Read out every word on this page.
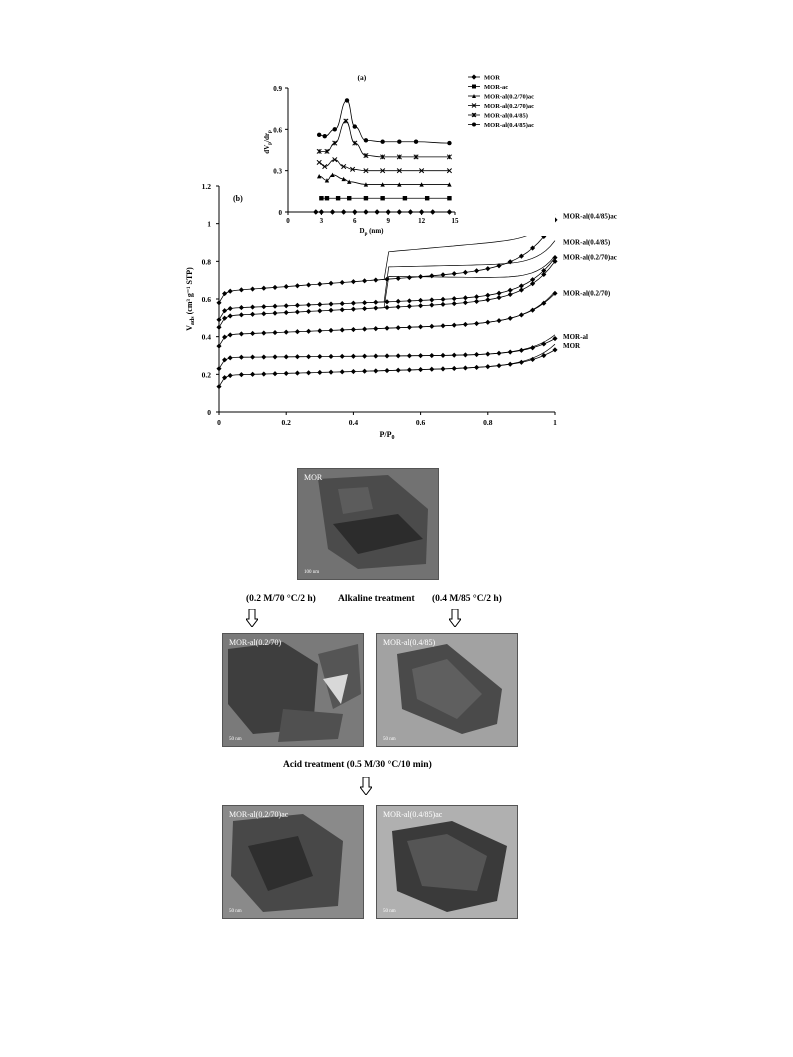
0
0.2
0.4
0.6
0.8
1
1.2
0	0.2	0.4	0.6	0.8	1
$P/P_0$
$V_{ads}$ (cm³ g⁻¹ STP)
(b)
MOR
MOR-al
MOR-al(0.2/70)
MOR-al(0.2/70)ac
MOR-al(0.4/85)
MOR-al(0.4/85)ac
0
0.3
0.6
0.9
0	3	6	9	12	15
$D_p$ (nm)
$dV_p/dr_p$
(a)	MOR
MOR-ac
MOR-al(0.2/70)ac
MOR-al(0.2/70)ac
MOR-al(0.4/85)
MOR-al(0.4/85)ac
MOR
100 nm
(0.2 M/70 °C/2 h) Alkaline treatment (0.4 M/85 °C/2 h)
MOR-al(0.2/70)
50 nm
MOR-al(0.4/85)
50 nm
Acid treatment (0.5 M/30 °C/10 min)
MOR-al(0.2/70)ac
50 nm
MOR-al(0.4/85)ac
50 nm
